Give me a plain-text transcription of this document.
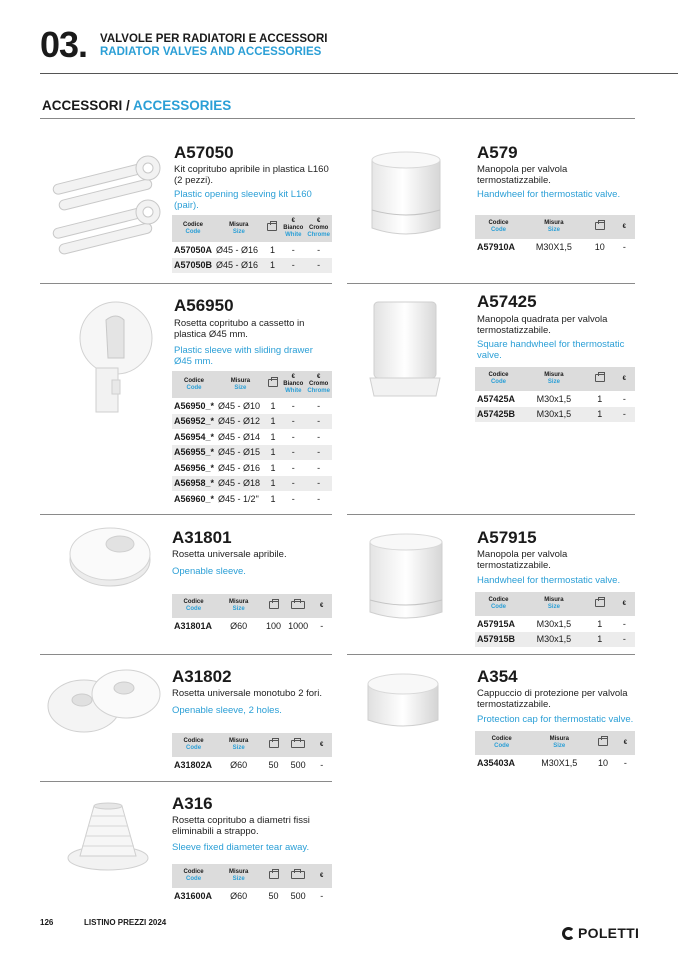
03. VALVOLE PER RADIATORI E ACCESSORI
RADIATOR VALVES AND ACCESSORIES
ACCESSORI / ACCESSORIES
A57050
Kit copritubo apribile in plastica L160 (2 pezzi).
Plastic opening sleeving kit L160 (pair).
Codice
Code	Misura
Size		€
Bianco
White	€
Cromo
Chrome

A57050A	Ø45 - Ø16	1	-	-
A57050B	Ø45 - Ø16	1	-	-
A579
Manopola per valvola termostatizzabile.
Handwheel for thermostatic valve.
Codice
Code	Misura
Size		€
A57910A	M30X1,5	10	-
A56950
Rosetta copritubo a cassetto in plastica Ø45 mm.
Plastic sleeve with sliding drawer Ø45 mm.
Codice
Code	Misura
Size		€
Bianco
White	€
Cromo
Chrome

A56950_*	Ø45 - Ø10	1	-	-
A56952_*	Ø45 - Ø12	1	-	-
A56954_*	Ø45 - Ø14	1	-	-
A56955_*	Ø45 - Ø15	1	-	-
A56956_*	Ø45 - Ø16	1	-	-
A56958_*	Ø45 - Ø18	1	-	-
A56960_*	Ø45 - 1/2"	1	-	-
A57425
Manopola quadrata per valvola termostatizzabile.
Square handwheel for thermostatic valve.
Codice
Code	Misura
Size		€
A57425A	M30x1,5	1	-
A57425B	M30x1,5	1	-
A31801
Rosetta universale apribile.
Openable sleeve.
Codice
Code	Misura
Size			€
A31801A	Ø60	100	1000	-
A57915
Manopola per valvola termostatizzabile.
Handwheel for thermostatic valve.
Codice
Code	Misura
Size		€
A57915A	M30x1,5	1	-
A57915B	M30x1,5	1	-
A31802
Rosetta universale monotubo 2 fori.
Openable sleeve, 2 holes.
Codice
Code	Misura
Size			€
A31802A	Ø60	50	500	-
A354
Cappuccio di protezione per valvola termostatizzabile.
Protection cap for thermostatic valve.
Codice
Code	Misura
Size		€
A35403A	M30X1,5	10	-
A316
Rosetta copritubo a diametri fissi eliminabili a strappo.
Sleeve fixed diameter tear away.
Codice
Code	Misura
Size			€
A31600A	Ø60	50	500	-
126	LISTINO PREZZI 2024
POLETTI
